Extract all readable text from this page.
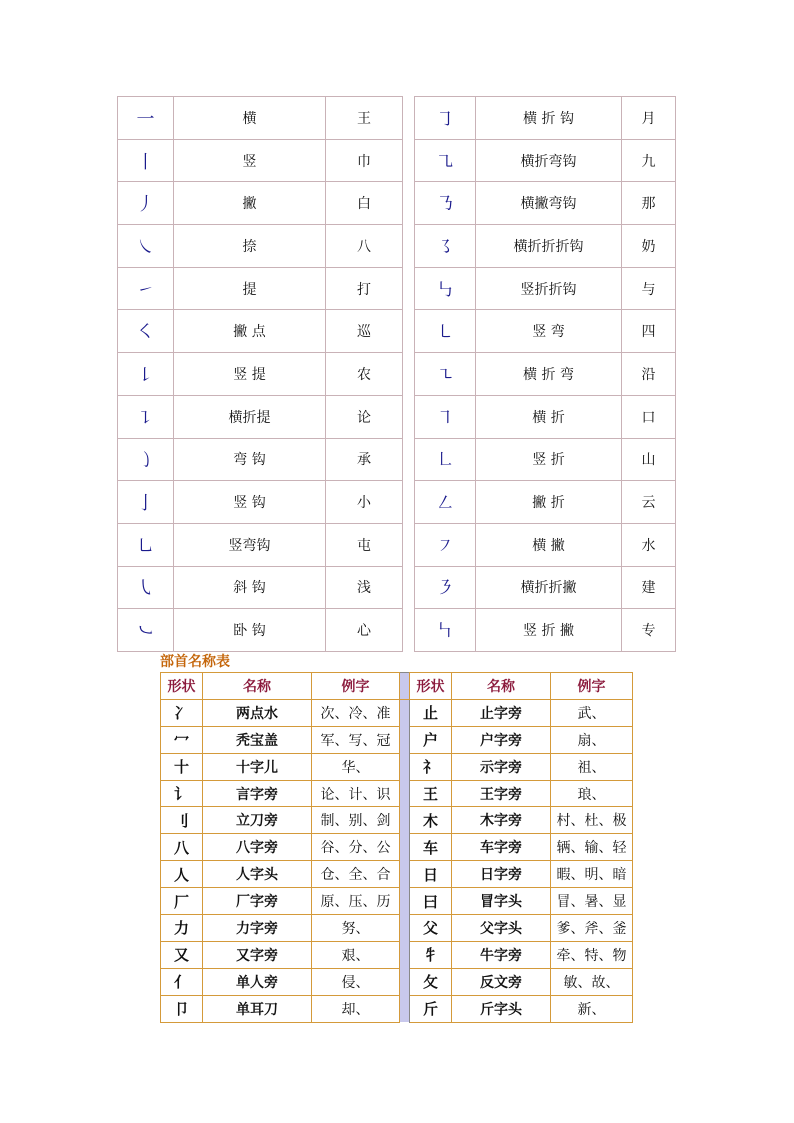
一	横	王		㇆	横 折 钩	月
丨	竖	巾		㇈	横折弯钩	九
丿	撇	白		㇡	横撇弯钩	那
㇏	捺	八		㇌	横折折折钩	奶
㇀	提	打		㇉	竖折折钩	与
㇛	撇 点	巡		㇄	竖 弯	四
㇙	竖 提	农		㇍	横 折 弯	沿
㇊	横折提	论		㇕	横 折	口
㇁	弯 钩	承		㇗	竖 折	山
亅	竖 钩	小		㇜	撇 折	云
㇟	竖弯钩	屯		㇇	横 撇	水
㇂	斜 钩	浅		㇋	横折折撇	建
㇃	卧 钩	心		㇞	竖 折 撇	专
部首名称表
形状	名称	例字		形状	名称	例字
冫	两点水	次、冷、准		止	止字旁	武、
冖	秃宝盖	军、写、冠		户	户字旁	扇、
十	十字儿	华、		礻	示字旁	祖、
讠	言字旁	论、计、识		王	王字旁	琅、
刂	立刀旁	制、别、剑		木	木字旁	村、杜、极
八	八字旁	谷、分、公		车	车字旁	辆、输、轻
人	人字头	仓、全、合		日	日字旁	暇、明、暗
厂	厂字旁	原、压、历		曰	冒字头	冒、暑、显
力	力字旁	努、		父	父字头	爹、斧、釜
又	又字旁	艰、		牜	牛字旁	牵、特、物
亻	单人旁	侵、		攵	反文旁	敏、故、
卩	单耳刀	却、		斤	斤字头	新、
